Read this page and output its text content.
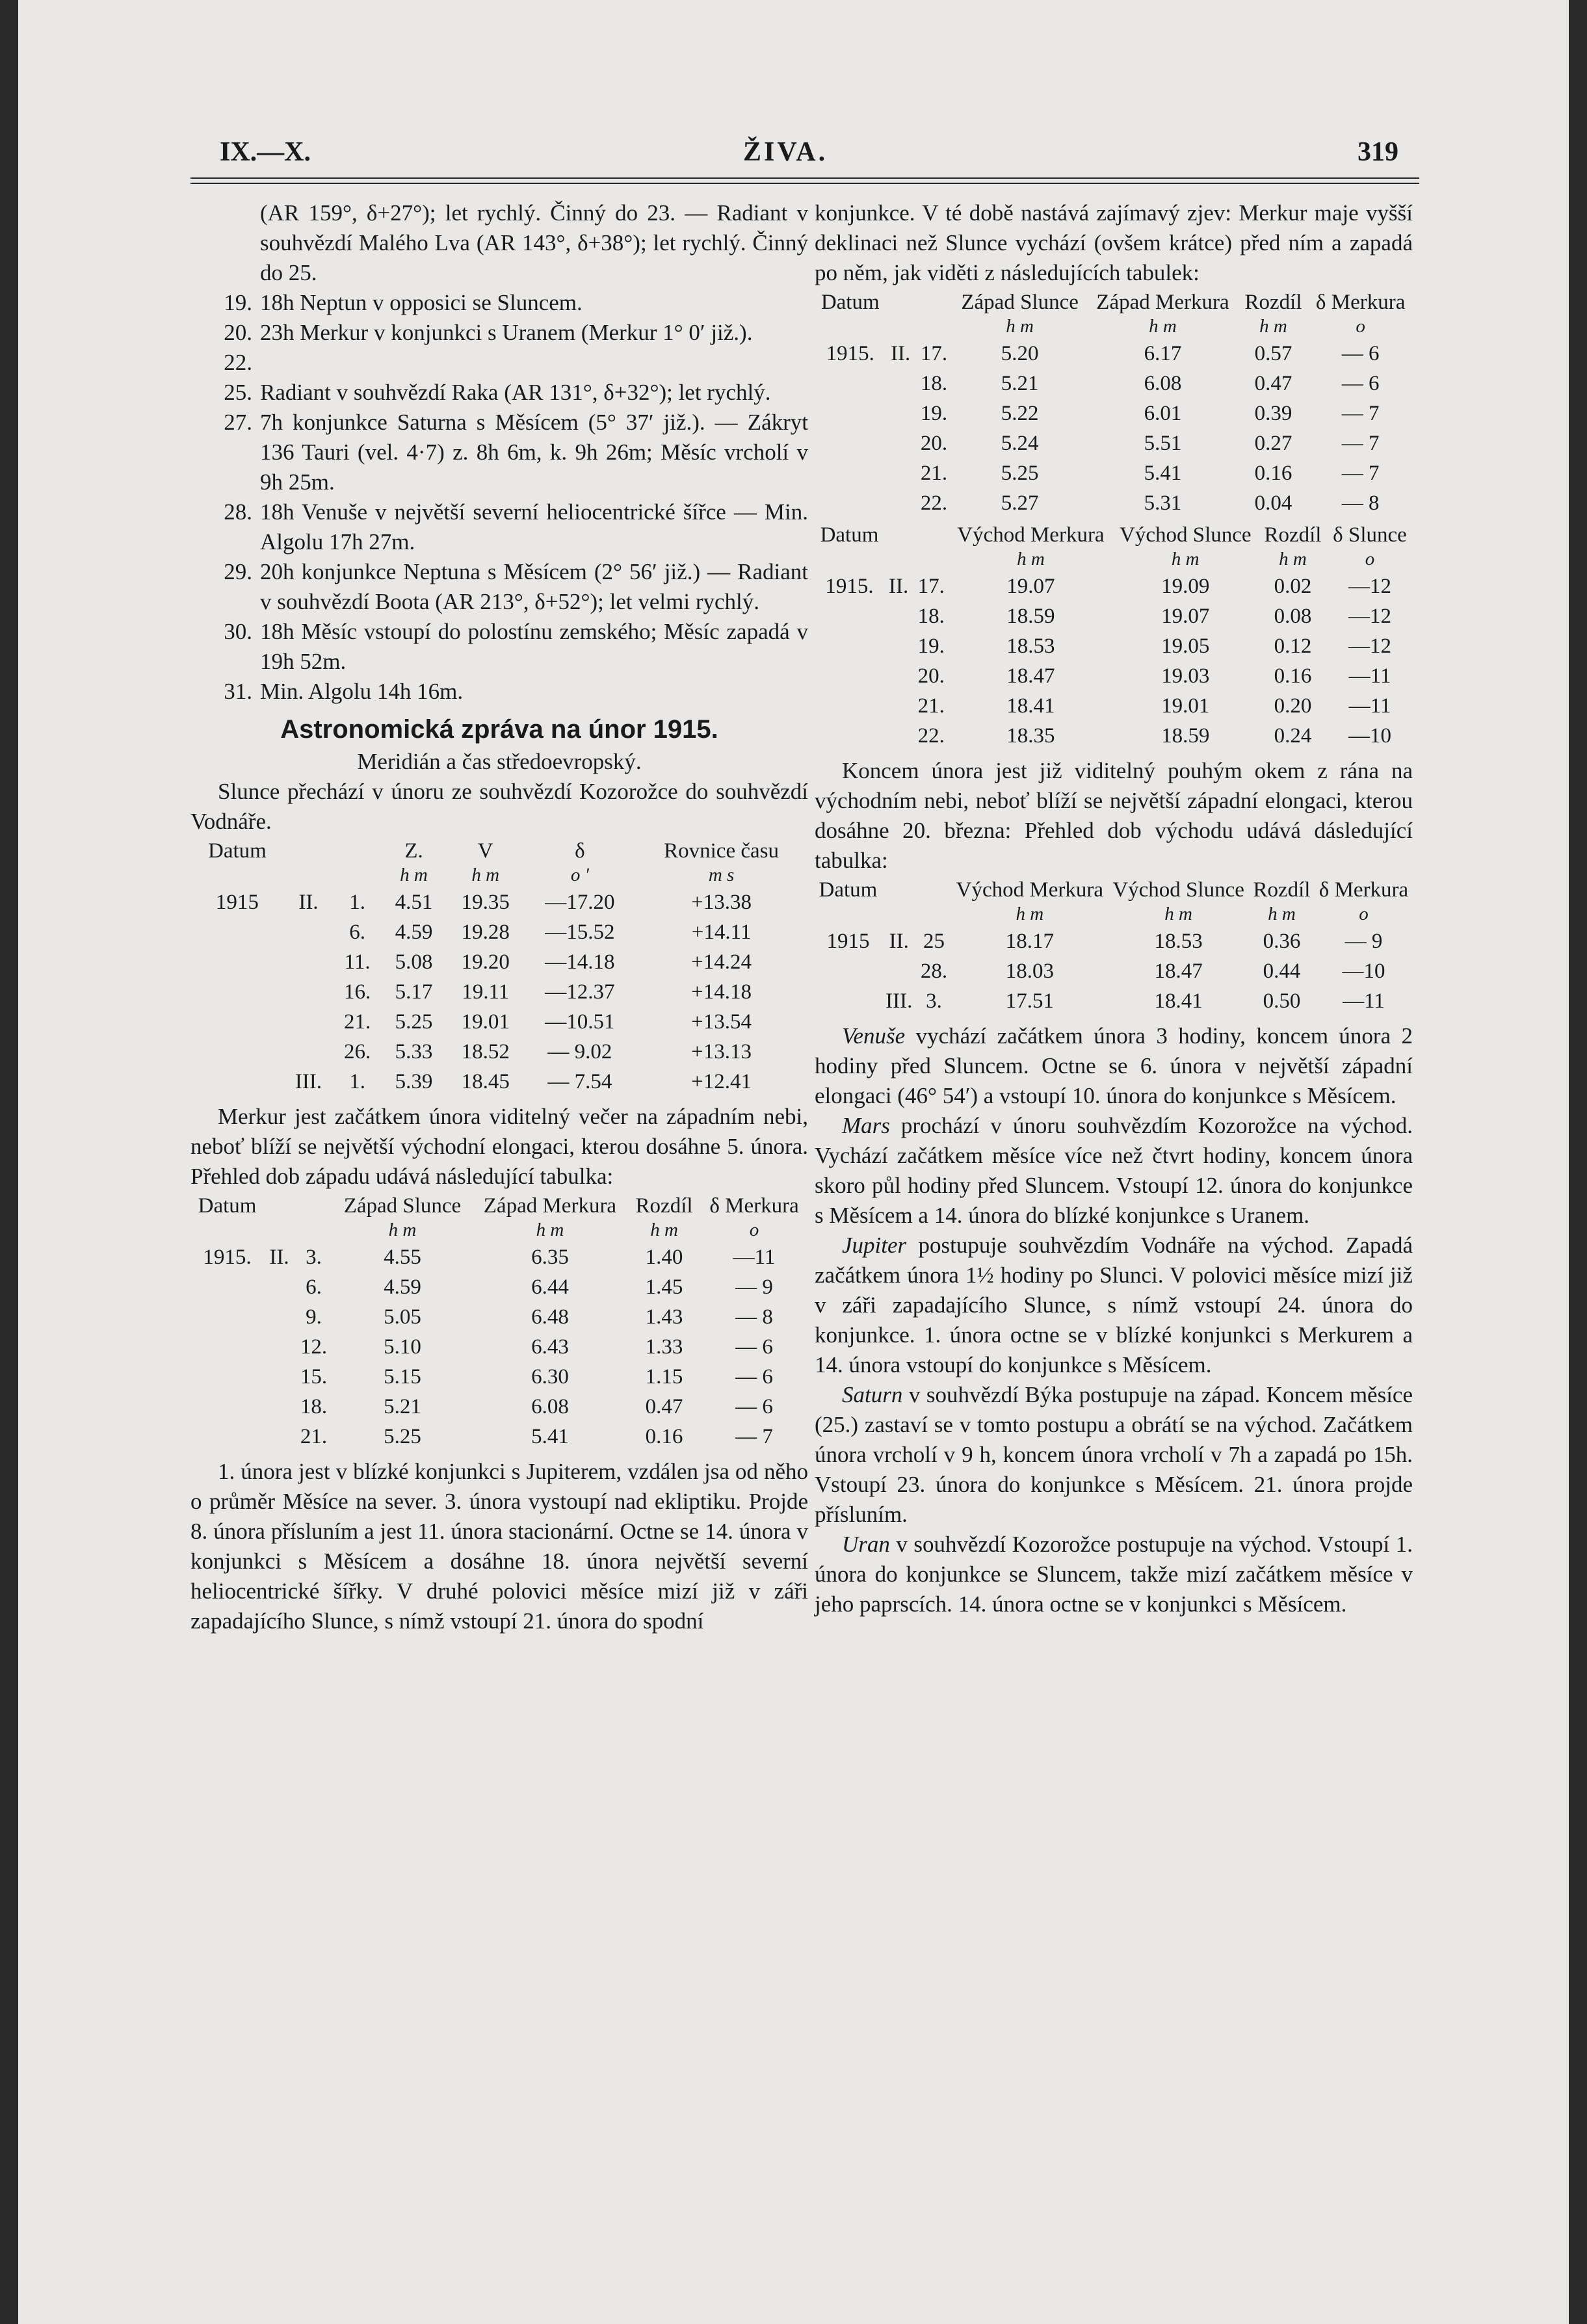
IX.—X.	ŽIVA.	319

(AR 159°, δ+27°); let rychlý. Činný do 23. — Radiant v souhvězdí Malého Lva (AR 143°, δ+38°); let rychlý. Činný do 25.

19. 18h Neptun v opposici se Sluncem.

20. 23h Merkur v konjunkci s Uranem (Merkur 1° 0′ již.).

22.

25. Radiant v souhvězdí Raka (AR 131°, δ+32°); let rychlý.

27. 7h konjunkce Saturna s Měsícem (5° 37′ již.). — Zákryt 136 Tauri (vel. 4·7) z. 8h 6m, k. 9h 26m; Měsíc vrcholí v 9h 25m.

28. 18h Venuše v největší severní heliocentrické šířce — Min. Algolu 17h 27m.

29. 20h konjunkce Neptuna s Měsícem (2° 56′ již.) — Radiant v souhvězdí Boota (AR 213°, δ+52°); let velmi rychlý.

30. 18h Měsíc vstoupí do polostínu zemského; Měsíc zapadá v 19h 52m.

31. Min. Algolu 14h 16m.

Astronomická zpráva na únor 1915.

Meridián a čas středoevropský.

Slunce přechází v únoru ze souhvězdí Kozorožce do souhvězdí Vodnáře.

Datum			Z.	V	δ	Rovnice času
			h m	h m	o ′	m s
1915	II.	1.	4.51	19.35	—17.20	+13.38
		6.	4.59	19.28	—15.52	+14.11
		11.	5.08	19.20	—14.18	+14.24
		16.	5.17	19.11	—12.37	+14.18
		21.	5.25	19.01	—10.51	+13.54
		26.	5.33	18.52	— 9.02	+13.13
	III.	1.	5.39	18.45	— 7.54	+12.41

Merkur jest začátkem února viditelný večer na západním nebi, neboť blíží se největší východní elongaci, kterou dosáhne 5. února. Přehled dob západu udává následující tabulka:

Datum			Západ Slunce	Západ Merkura	Rozdíl	δ Merkura
			h m	h m	h m	o
1915.	II.	3.	4.55	6.35	1.40	—11
		6.	4.59	6.44	1.45	— 9
		9.	5.05	6.48	1.43	— 8
		12.	5.10	6.43	1.33	— 6
		15.	5.15	6.30	1.15	— 6
		18.	5.21	6.08	0.47	— 6
		21.	5.25	5.41	0.16	— 7

1. února jest v blízké konjunkci s Jupiterem, vzdálen jsa od něho o průměr Měsíce na sever. 3. února vystoupí nad ekliptiku. Projde 8. února přísluním a jest 11. února stacionární. Octne se 14. února v konjunkci s Měsícem a dosáhne 18. února největší severní heliocentrické šířky. V druhé polovici měsíce mizí již v záři zapadajícího Slunce, s nímž vstoupí 21. února do spodní

konjunkce. V té době nastává zajímavý zjev: Merkur maje vyšší deklinaci než Slunce vychází (ovšem krátce) před ním a zapadá po něm, jak viděti z následujících tabulek:

Datum			Západ Slunce	Západ Merkura	Rozdíl	δ Merkura
			h m	h m	h m	o
1915.	II.	17.	5.20	6.17	0.57	— 6
		18.	5.21	6.08	0.47	— 6
		19.	5.22	6.01	0.39	— 7
		20.	5.24	5.51	0.27	— 7
		21.	5.25	5.41	0.16	— 7
		22.	5.27	5.31	0.04	— 8
Datum			Východ Merkura	Východ Slunce	Rozdíl	δ Slunce
			h m	h m	h m	o
1915.	II.	17.	19.07	19.09	0.02	—12
		18.	18.59	19.07	0.08	—12
		19.	18.53	19.05	0.12	—12
		20.	18.47	19.03	0.16	—11
		21.	18.41	19.01	0.20	—11
		22.	18.35	18.59	0.24	—10

Koncem února jest již viditelný pouhým okem z rána na východním nebi, neboť blíží se největší západní elongaci, kterou dosáhne 20. března: Přehled dob východu udává dásledující tabulka:

Datum			Východ Merkura	Východ Slunce	Rozdíl	δ Merkura
			h m	h m	h m	o
1915	II.	25	18.17	18.53	0.36	— 9
		28.	18.03	18.47	0.44	—10
	III.	3.	17.51	18.41	0.50	—11

Venuše vychází začátkem února 3 hodiny, koncem února 2 hodiny před Sluncem. Octne se 6. února v největší západní elongaci (46° 54′) a vstoupí 10. února do konjunkce s Měsícem.

Mars prochází v únoru souhvězdím Kozorožce na východ. Vychází začátkem měsíce více než čtvrt hodiny, koncem února skoro půl hodiny před Sluncem. Vstoupí 12. února do konjunkce s Měsícem a 14. února do blízké konjunkce s Uranem.

Jupiter postupuje souhvězdím Vodnáře na východ. Zapadá začátkem února 1½ hodiny po Slunci. V polovici měsíce mizí již v záři zapadajícího Slunce, s nímž vstoupí 24. února do konjunkce. 1. února octne se v blízké konjunkci s Merkurem a 14. února vstoupí do konjunkce s Měsícem.

Saturn v souhvězdí Býka postupuje na západ. Koncem měsíce (25.) zastaví se v tomto postupu a obrátí se na východ. Začátkem února vrcholí v 9 h, koncem února vrcholí v 7h a zapadá po 15h. Vstoupí 23. února do konjunkce s Měsícem. 21. února projde přísluním.

Uran v souhvězdí Kozorožce postupuje na východ. Vstoupí 1. února do konjunkce se Sluncem, takže mizí začátkem měsíce v jeho paprscích. 14. února octne se v konjunkci s Měsícem.
